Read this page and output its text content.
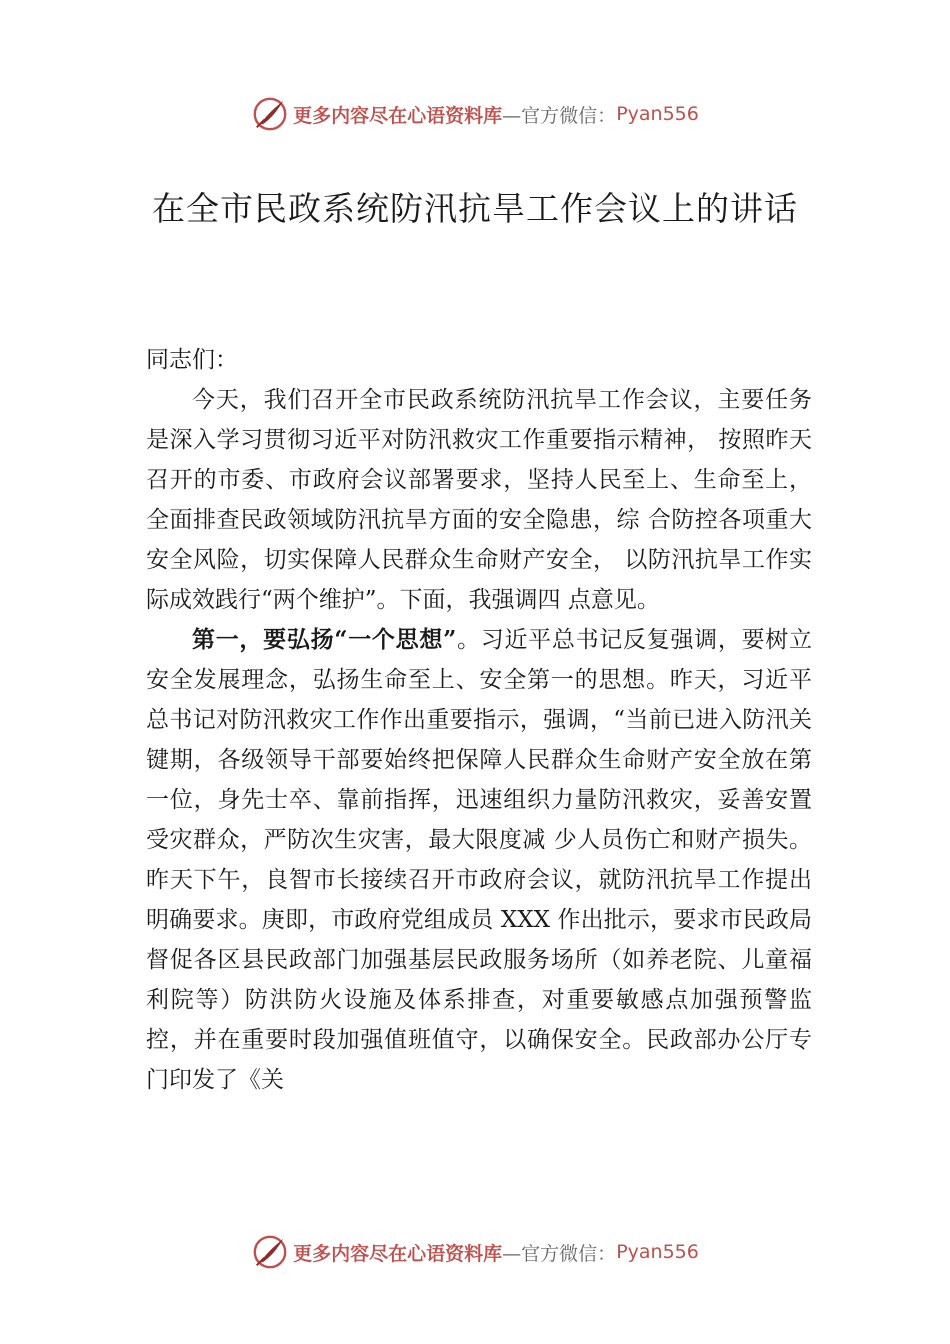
更多内容尽在心语资料库 —官方微信： Pyan556
在全市民政系统防汛抗旱工作会议上的讲话

同志们：

今天，我们召开全市民政系统防汛抗旱工作会议，主要任务是深入学习贯彻习近平对防汛救灾工作重要指示精神， 按照昨天召开的市委、市政府会议部署要求，坚持人民至上、生命至上，全面排查民政领域防汛抗旱方面的安全隐患，综 合防控各项重大安全风险，切实保障人民群众生命财产安全， 以防汛抗旱工作实际成效践行“两个维护”。下面，我强调四 点意见。

第一，要弘扬“一个思想”。习近平总书记反复强调，要树立安全发展理念，弘扬生命至上、安全第一的思想。昨天，习近平总书记对防汛救灾工作作出重要指示，强调，“当前已进入防汛关键期，各级领导干部要始终把保障人民群众生命财产安全放在第一位，身先士卒、靠前指挥，迅速组织力量防汛救灾，妥善安置受灾群众，严防次生灾害，最大限度减 少人员伤亡和财产损失。昨天下午，良智市长接续召开市政府会议，就防汛抗旱工作提出明确要求。庚即，市政府党组成员 XXX 作出批示，要求市民政局督促各区县民政部门加强基层民政服务场所（如养老院、儿童福利院等）防洪防火设施及体系排查，对重要敏感点加强预警监控，并在重要时段加强值班值守，以确保安全。民政部办公厅专门印发了《关

更多内容尽在心语资料库 —官方微信： Pyan556
